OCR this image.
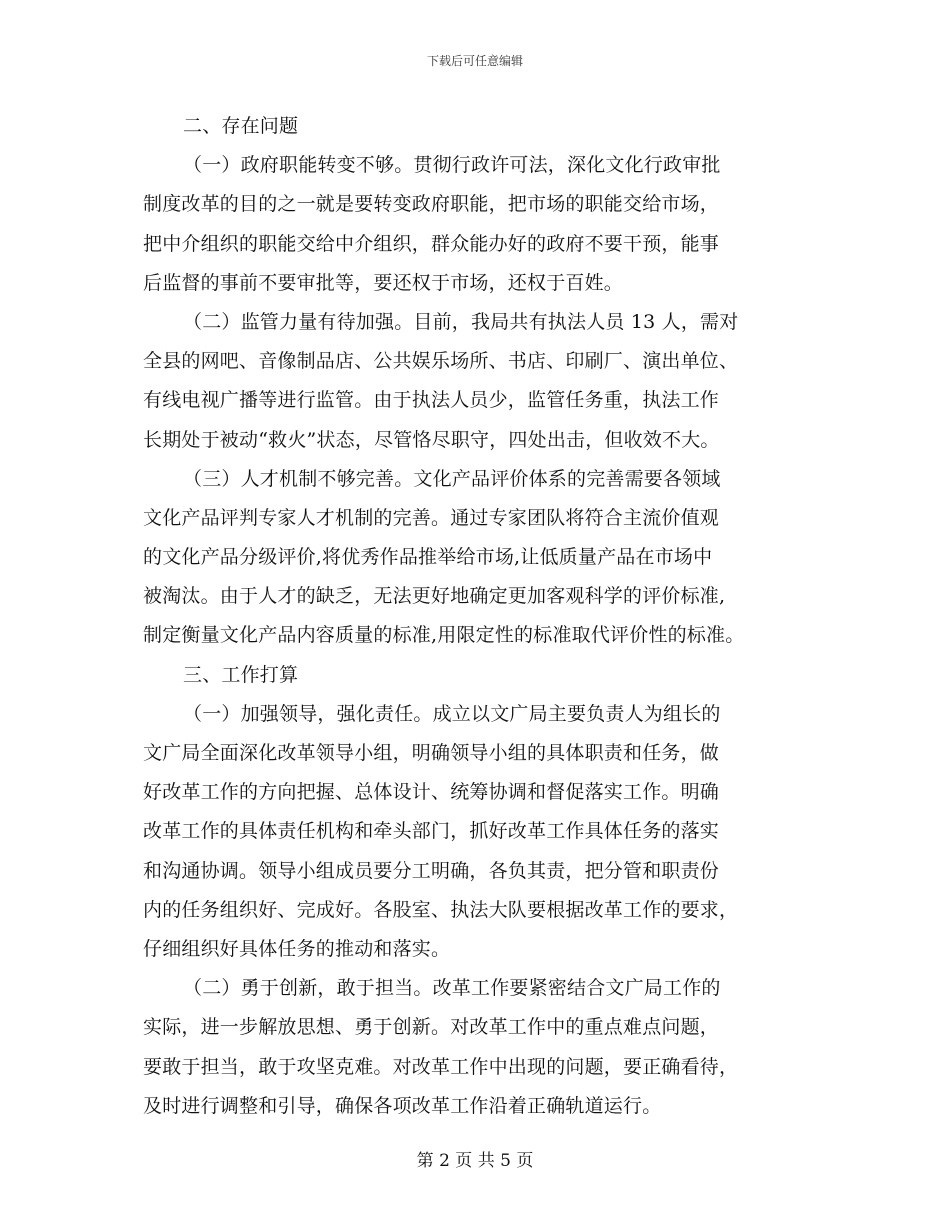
下载后可任意编辑
二、存在问题
（一）政府职能转变不够。贯彻行政许可法，深化文化行政审批
制度改革的目的之一就是要转变政府职能，把市场的职能交给市场，
把中介组织的职能交给中介组织，群众能办好的政府不要干预，能事
后监督的事前不要审批等，要还权于市场，还权于百姓。
（二）监管力量有待加强。目前，我局共有执法人员 13 人，需对
全县的网吧、音像制品店、公共娱乐场所、书店、印刷厂、演出单位、
有线电视广播等进行监管。由于执法人员少，监管任务重，执法工作
长期处于被动“救火”状态，尽管恪尽职守，四处出击，但收效不大。
（三）人才机制不够完善。文化产品评价体系的完善需要各领域
文化产品评判专家人才机制的完善。通过专家团队将符合主流价值观
的文化产品分级评价,将优秀作品推举给市场,让低质量产品在市场中
被淘汰。由于人才的缺乏，无法更好地确定更加客观科学的评价标准,
制定衡量文化产品内容质量的标准,用限定性的标准取代评价性的标准。
三、工作打算
（一）加强领导，强化责任。成立以文广局主要负责人为组长的
文广局全面深化改革领导小组，明确领导小组的具体职责和任务，做
好改革工作的方向把握、总体设计、统筹协调和督促落实工作。明确
改革工作的具体责任机构和牵头部门，抓好改革工作具体任务的落实
和沟通协调。领导小组成员要分工明确，各负其责，把分管和职责份
内的任务组织好、完成好。各股室、执法大队要根据改革工作的要求，
仔细组织好具体任务的推动和落实。
（二）勇于创新，敢于担当。改革工作要紧密结合文广局工作的
实际，进一步解放思想、勇于创新。对改革工作中的重点难点问题，
要敢于担当，敢于攻坚克难。对改革工作中出现的问题，要正确看待，
及时进行调整和引导，确保各项改革工作沿着正确轨道运行。
第 2 页 共 5 页
